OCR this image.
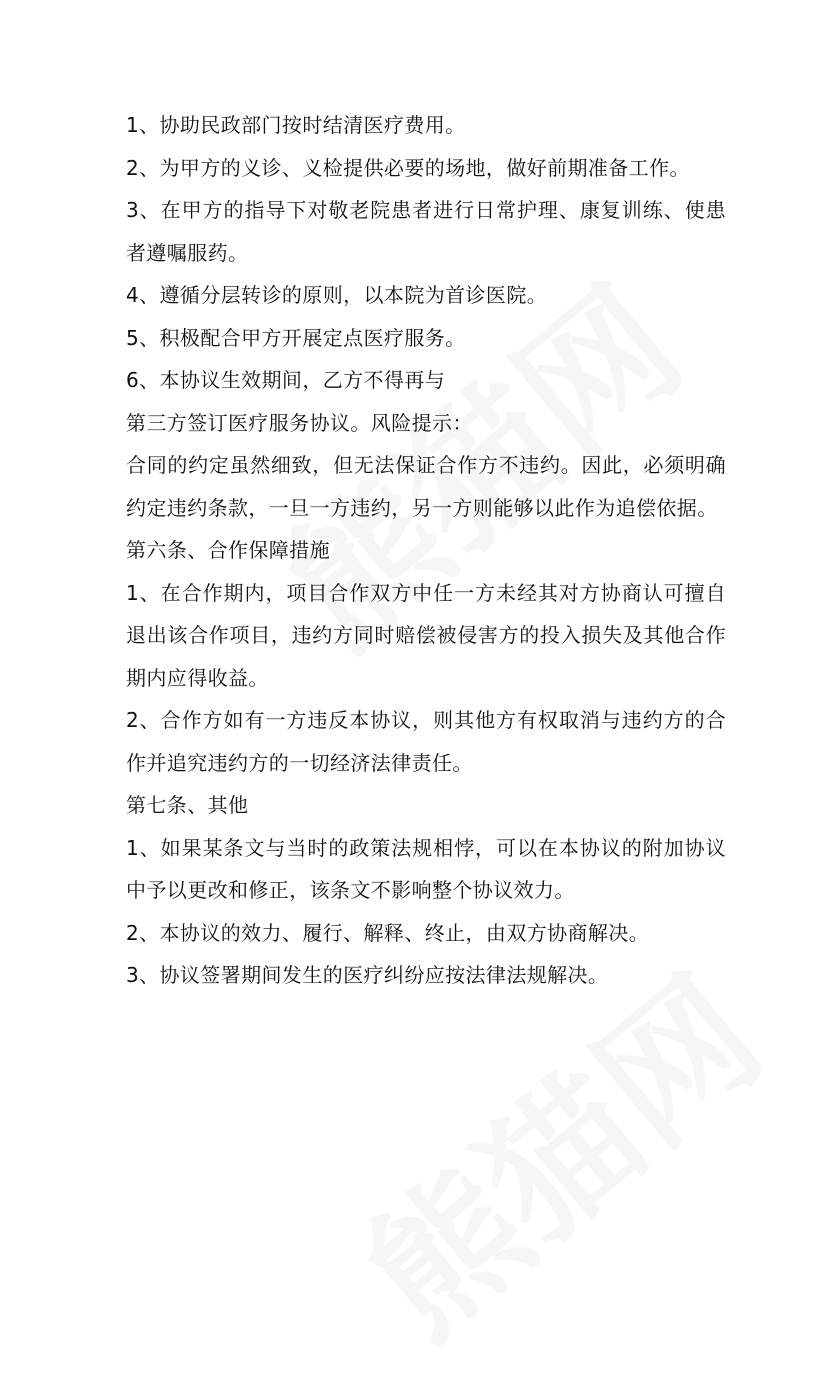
1、协助民政部门按时结清医疗费用。

2、为甲方的义诊、义检提供必要的场地，做好前期准备工作。

3、在甲方的指导下对敬老院患者进行日常护理、康复训练、使患者遵嘱服药。

4、遵循分层转诊的原则，以本院为首诊医院。

5、积极配合甲方开展定点医疗服务。

6、本协议生效期间，乙方不得再与

第三方签订医疗服务协议。风险提示：

合同的约定虽然细致，但无法保证合作方不违约。因此，必须明确约定违约条款，一旦一方违约，另一方则能够以此作为追偿依据。

第六条、合作保障措施

1、在合作期内，项目合作双方中任一方未经其对方协商认可擅自退出该合作项目，违约方同时赔偿被侵害方的投入损失及其他合作期内应得收益。

2、合作方如有一方违反本协议，则其他方有权取消与违约方的合作并追究违约方的一切经济法律责任。

第七条、其他

1、如果某条文与当时的政策法规相悖，可以在本协议的附加协议中予以更改和修正，该条文不影响整个协议效力。

2、本协议的效力、履行、解释、终止，由双方协商解决。

3、协议签署期间发生的医疗纠纷应按法律法规解决。
